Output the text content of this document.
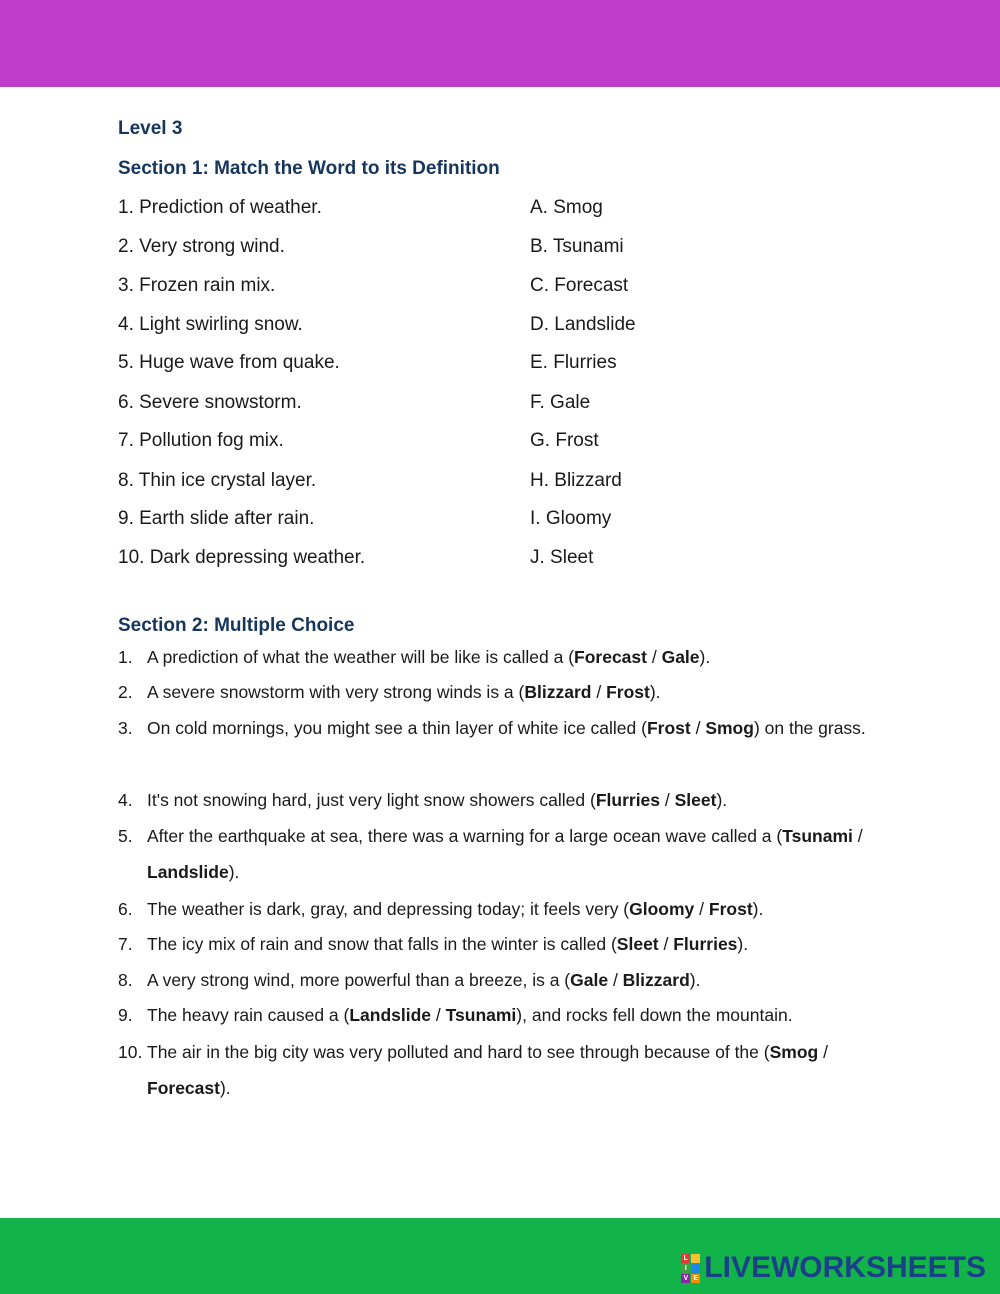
Level 3
Section 1: Match the Word to its Definition
1. Prediction of weather.	A. Smog
2. Very strong wind.	B. Tsunami
3. Frozen rain mix.	C. Forecast
4. Light swirling snow.	D. Landslide
5. Huge wave from quake.	E. Flurries
6. Severe snowstorm.	F. Gale
7. Pollution fog mix.	G. Frost
8. Thin ice crystal layer.	H. Blizzard
9. Earth slide after rain.	I. Gloomy
10. Dark depressing weather.	J. Sleet
Section 2: Multiple Choice
1. A prediction of what the weather will be like is called a (Forecast / Gale).
2. A severe snowstorm with very strong winds is a (Blizzard / Frost).
3. On cold mornings, you might see a thin layer of white ice called (Frost / Smog) on the grass.
4. It's not snowing hard, just very light snow showers called (Flurries / Sleet).
5. After the earthquake at sea, there was a warning for a large ocean wave called a (Tsunami / Landslide).
6. The weather is dark, gray, and depressing today; it feels very (Gloomy / Frost).
7. The icy mix of rain and snow that falls in the winter is called (Sleet / Flurries).
8. A very strong wind, more powerful than a breeze, is a (Gale / Blizzard).
9. The heavy rain caused a (Landslide / Tsunami), and rocks fell down the mountain.
10. The air in the big city was very polluted and hard to see through because of the (Smog / Forecast).
L
I
V E LIVEWORKSHEETS
